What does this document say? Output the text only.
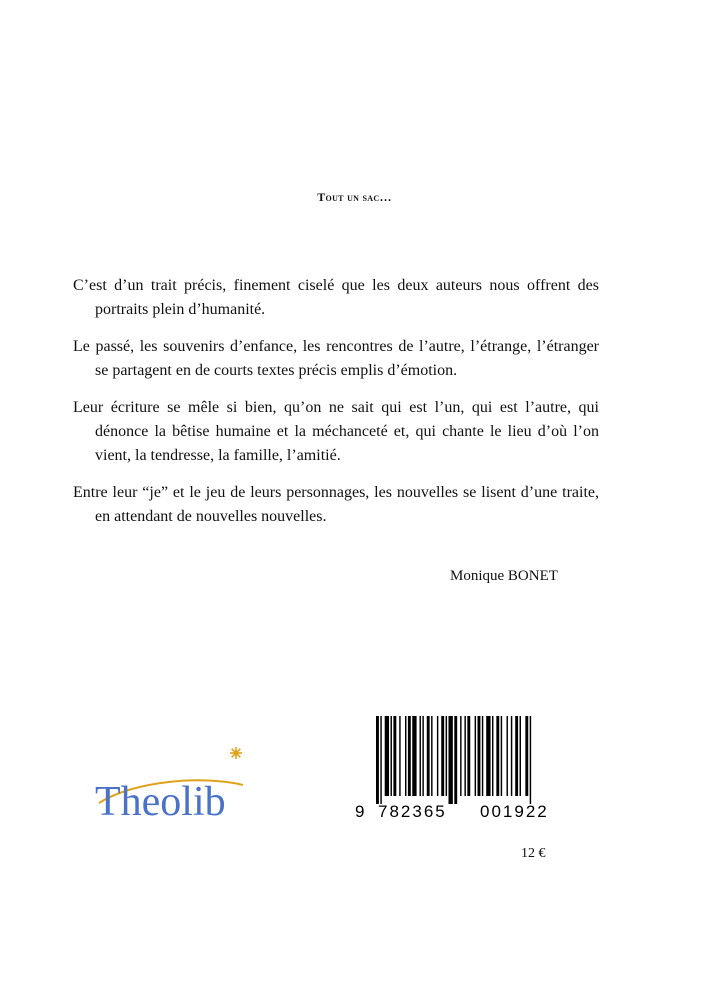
Tout un sac…

C’est d’un trait précis, finement ciselé que les deux auteurs nous offrent des portraits plein d’humanité.

Le passé, les souvenirs d’enfance, les rencontres de l’autre, l’étrange, l’étranger se partagent en de courts textes précis emplis d’émotion.

Leur écriture se mêle si bien, qu’on ne sait qui est l’un, qui est l’autre, qui dénonce la bêtise humaine et la méchanceté et, qui chante le lieu d’où l’on vient, la tendresse, la famille, l’amitié.

Entre leur “je” et le jeu de leurs personnages, les nouvelles se lisent d’une traite, en attendant de nouvelles nouvelles.

Monique BONET
Theolib	9 782365 001922
12 €
